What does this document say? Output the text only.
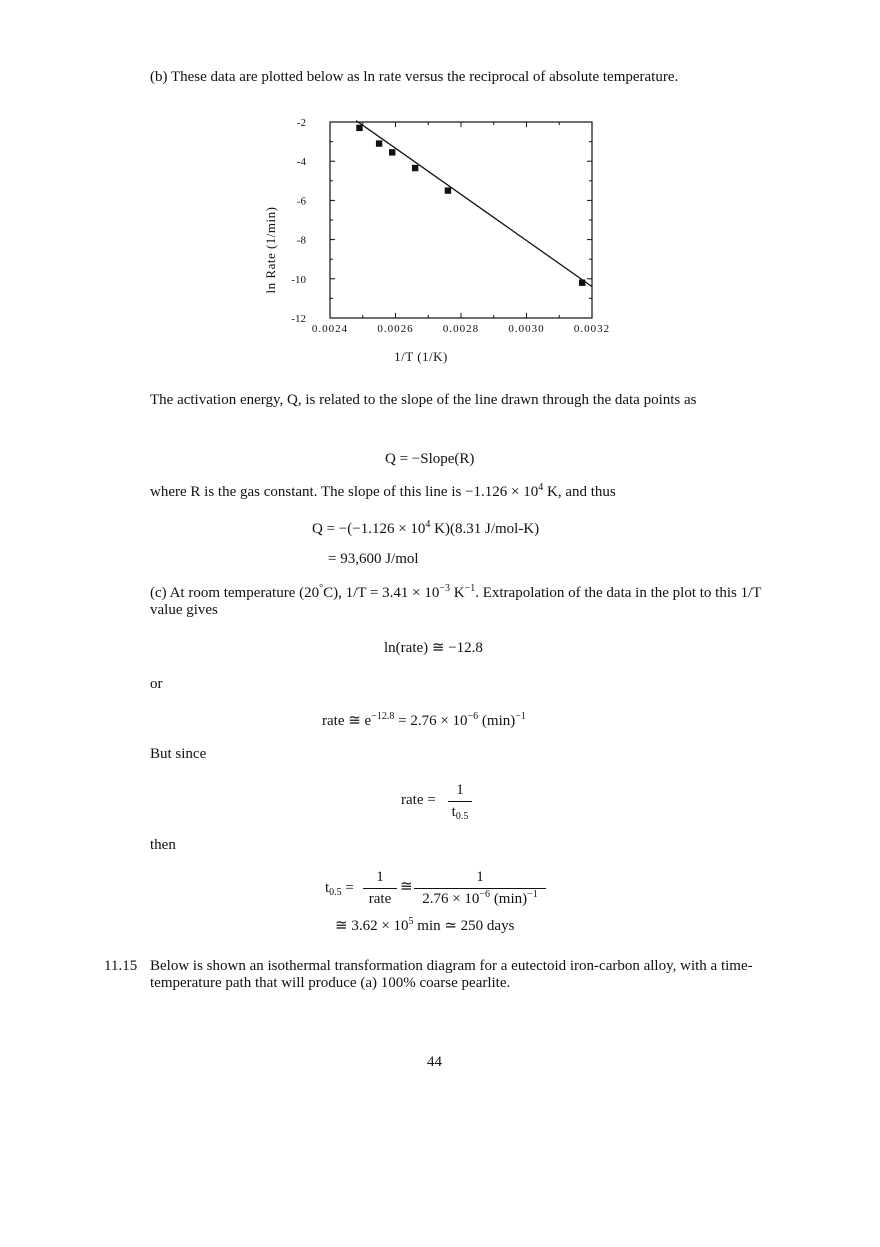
(b) These data are plotted below as ln rate versus the reciprocal of absolute temperature.
0.0024	0.0026	0.0028	0.0030	0.0032
-2
-4
-6
-8
-10
-12
ln Rate (1/min)
1/T (1/K)
The activation energy, Q, is related to the slope of the line drawn through the data points as
Q = −Slope(R)
where R is the gas constant. The slope of this line is $-1.126 \times 10^4$ K, and thus
$Q = -(-1.126 \times 10^4$ K)(8.31 J/mol-K)
= 93,600 J/mol
(c) At room temperature (20°C), $1/T = 3.41 \times 10^{-3}$ $K^{-1}$. Extrapolation of the data in the plot to this 1/T value gives
ln(rate) ≅ −12.8
or
rate ≅ $e^{-12.8} = 2.76 \times 10^{-6}$ $(\min)^{-1}$
But since
rate =
1
$t_{0.5}$
then
$t_{0.5}$ =
1
rate
≅
1
$2.76 \times 10^{-6}$ $(\min)^{-1}$
≅ $3.62 \times 10^5$ min ≃ 250 days
11.15 Below is shown an isothermal transformation diagram for a eutectoid iron-carbon alloy, with a time-temperature path that will produce (a) 100% coarse pearlite.
44
